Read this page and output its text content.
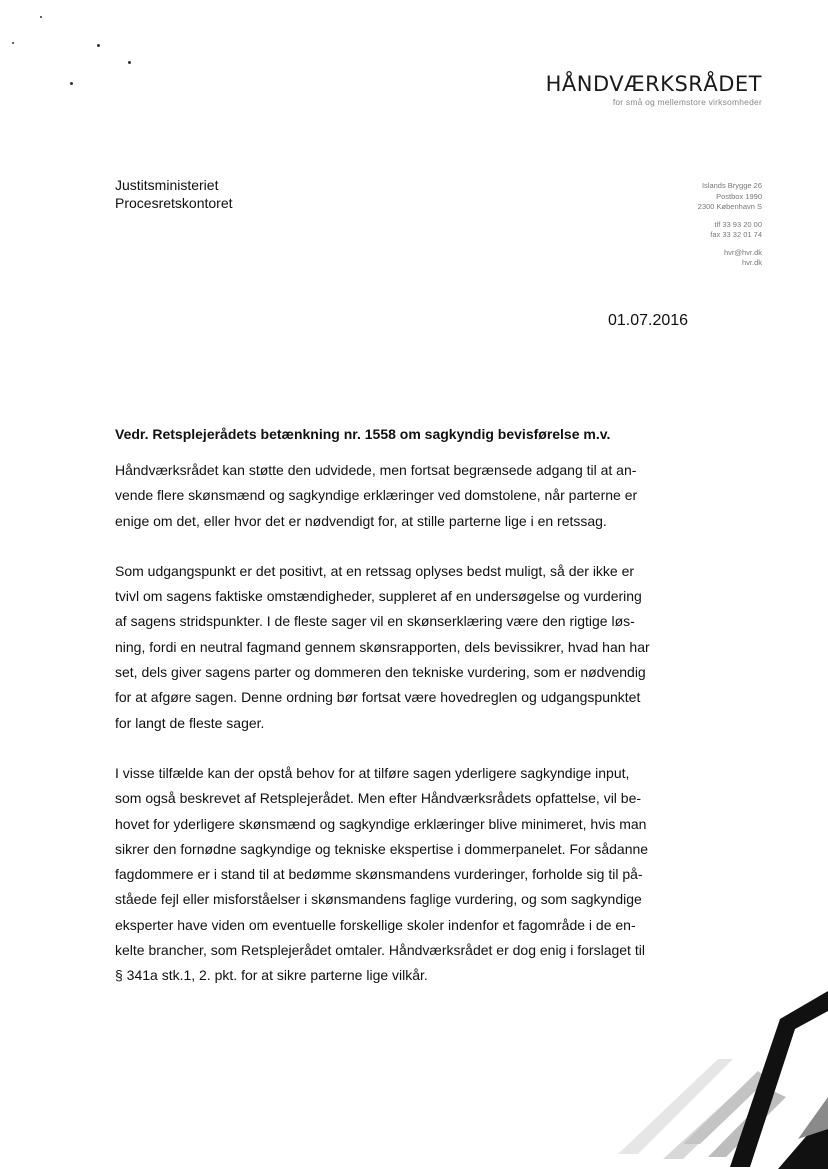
HÅNDVÆRKSRÅDET
for små og mellemstore virksomheder
Justitsministeriet
Procesretskontoret
Islands Brygge 26
Postbox 1990
2300 København S
tlf 33 93 20 00
fax 33 32 01 74
hvr@hvr.dk
hvr.dk
01.07.2016
Vedr. Retsplejerådets betænkning nr. 1558 om sagkyndig bevisførelse m.v.

Håndværksrådet kan støtte den udvidede, men fortsat begrænsede adgang til at an-
vende flere skønsmænd og sagkyndige erklæringer ved domstolene, når parterne er
enige om det, eller hvor det er nødvendigt for, at stille parterne lige i en retssag.

Som udgangspunkt er det positivt, at en retssag oplyses bedst muligt, så der ikke er
tvivl om sagens faktiske omstændigheder, suppleret af en undersøgelse og vurdering
af sagens stridspunkter. I de fleste sager vil en skønserklæring være den rigtige løs-
ning, fordi en neutral fagmand gennem skønsrapporten, dels bevissikrer, hvad han har
set, dels giver sagens parter og dommeren den tekniske vurdering, som er nødvendig
for at afgøre sagen. Denne ordning bør fortsat være hovedreglen og udgangspunktet
for langt de fleste sager.

I visse tilfælde kan der opstå behov for at tilføre sagen yderligere sagkyndige input,
som også beskrevet af Retsplejerådet. Men efter Håndværksrådets opfattelse, vil be-
hovet for yderligere skønsmænd og sagkyndige erklæringer blive minimeret, hvis man
sikrer den fornødne sagkyndige og tekniske ekspertise i dommerpanelet. For sådanne
fagdommere er i stand til at bedømme skønsmandens vurderinger, forholde sig til på-
ståede fejl eller misforståelser i skønsmandens faglige vurdering, og som sagkyndige
eksperter have viden om eventuelle forskellige skoler indenfor et fagområde i de en-
kelte brancher, som Retsplejerådet omtaler. Håndværksrådet er dog enig i forslaget til
§ 341a stk.1, 2. pkt. for at sikre parterne lige vilkår.
